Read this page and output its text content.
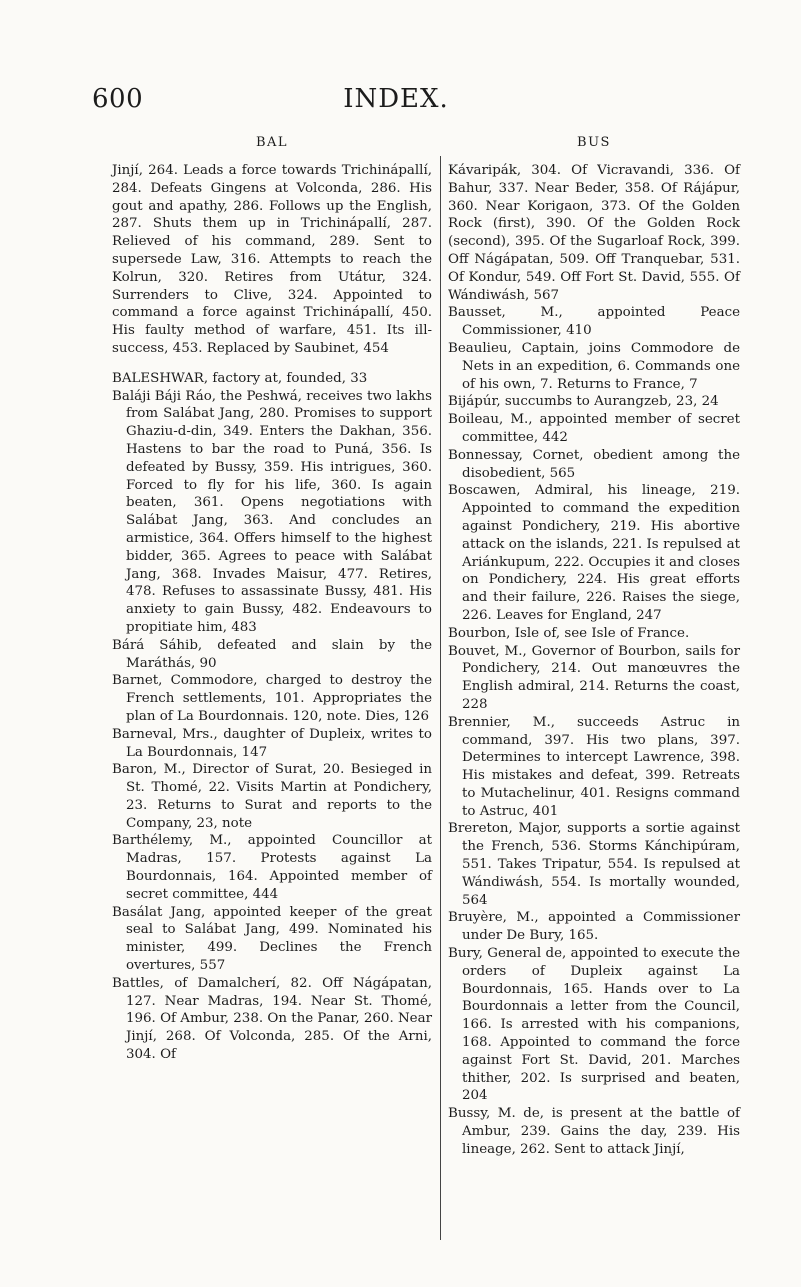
600	INDEX.
BAL
Jinjí, 264. Leads a force towards Trichinápallí, 284. Defeats Gingens at Volconda, 286. His gout and apathy, 286. Follows up the English, 287. Shuts them up in Trichinápallí, 287. Relieved of his command, 289. Sent to supersede Law, 316. Attempts to reach the Kolrun, 320. Retires from Utátur, 324. Surrenders to Clive, 324. Appointed to command a force against Trichinápallí, 450. His faulty method of warfare, 451. Its ill-success, 453. Replaced by Saubinet, 454
BALESHWAR, factory at, founded, 33
Baláji Báji Ráo, the Peshwá, receives two lakhs from Salábat Jang, 280. Promises to support Ghaziu-d-din, 349. Enters the Dakhan, 356. Hastens to bar the road to Puná, 356. Is defeated by Bussy, 359. His intrigues, 360. Forced to fly for his life, 360. Is again beaten, 361. Opens negotiations with Salábat Jang, 363. And concludes an armistice, 364. Offers himself to the highest bidder, 365. Agrees to peace with Salábat Jang, 368. Invades Maisur, 477. Retires, 478. Refuses to assassinate Bussy, 481. His anxiety to gain Bussy, 482. Endeavours to propitiate him, 483
Bárá Sáhib, defeated and slain by the Maráthás, 90
Barnet, Commodore, charged to destroy the French settlements, 101. Appropriates the plan of La Bourdonnais. 120, note. Dies, 126
Barneval, Mrs., daughter of Dupleix, writes to La Bourdonnais, 147
Baron, M., Director of Surat, 20. Besieged in St. Thomé, 22. Visits Martin at Pondichery, 23. Returns to Surat and reports to the Company, 23, note
Barthélemy, M., appointed Councillor at Madras, 157. Protests against La Bourdonnais, 164. Appointed member of secret committee, 444
Basálat Jang, appointed keeper of the great seal to Salábat Jang, 499. Nominated his minister, 499. Declines the French overtures, 557
Battles, of Damalcherí, 82. Off Nágápatan, 127. Near Madras, 194. Near St. Thomé, 196. Of Ambur, 238. On the Panar, 260. Near Jinjí, 268. Of Volconda, 285. Of the Arni, 304. Of
BUS
Kávaripák, 304. Of Vicravandi, 336. Of Bahur, 337. Near Beder, 358. Of Rájápur, 360. Near Korigaon, 373. Of the Golden Rock (first), 390. Of the Golden Rock (second), 395. Of the Sugarloaf Rock, 399. Off Nágápatan, 509. Off Tranquebar, 531. Of Kondur, 549. Off Fort St. David, 555. Of Wándiwásh, 567
Bausset, M., appointed Peace Commissioner, 410
Beaulieu, Captain, joins Commodore de Nets in an expedition, 6. Commands one of his own, 7. Returns to France, 7
Bijápúr, succumbs to Aurangzeb, 23, 24
Boileau, M., appointed member of secret committee, 442
Bonnessay, Cornet, obedient among the disobedient, 565
Boscawen, Admiral, his lineage, 219. Appointed to command the expedition against Pondichery, 219. His abortive attack on the islands, 221. Is repulsed at Ariánkupum, 222. Occupies it and closes on Pondichery, 224. His great efforts and their failure, 226. Raises the siege, 226. Leaves for England, 247
Bourbon, Isle of, see Isle of France.
Bouvet, M., Governor of Bourbon, sails for Pondichery, 214. Out manœuvres the English admiral, 214. Returns the coast, 228
Brennier, M., succeeds Astruc in command, 397. His two plans, 397. Determines to intercept Lawrence, 398. His mistakes and defeat, 399. Retreats to Mutachelinur, 401. Resigns command to Astruc, 401
Brereton, Major, supports a sortie against the French, 536. Storms Kánchipúram, 551. Takes Tripatur, 554. Is repulsed at Wándiwásh, 554. Is mortally wounded, 564
Bruyère, M., appointed a Commissioner under De Bury, 165.
Bury, General de, appointed to execute the orders of Dupleix against La Bourdonnais, 165. Hands over to La Bourdonnais a letter from the Council, 166. Is arrested with his companions, 168. Appointed to command the force against Fort St. David, 201. Marches thither, 202. Is surprised and beaten, 204
Bussy, M. de, is present at the battle of Ambur, 239. Gains the day, 239. His lineage, 262. Sent to attack Jinjí,
